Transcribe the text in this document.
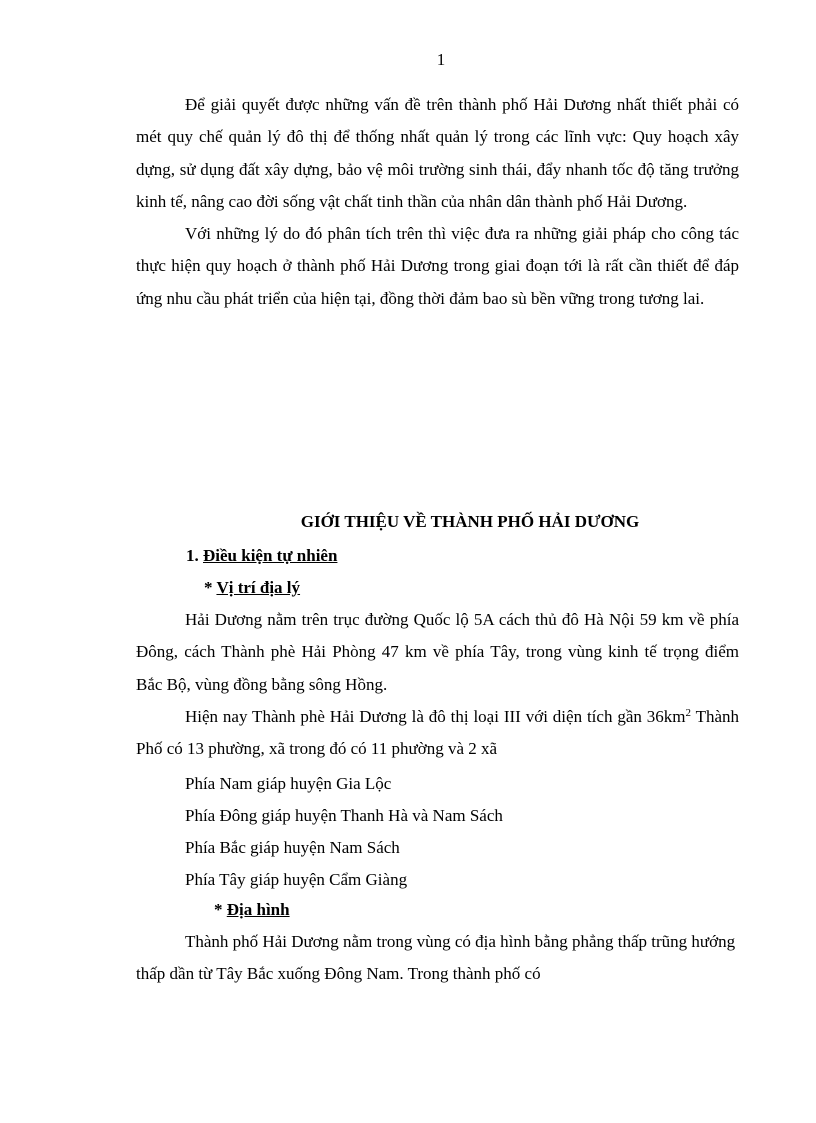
1

Để giải quyết được những vấn đề trên thành phố Hải Dương nhất thiết phải có mét quy chế quản lý đô thị để thống nhất quản lý trong các lĩnh vực: Quy hoạch xây dựng, sử dụng đất xây dựng, bảo vệ môi trường sinh thái, đẩy nhanh tốc độ tăng trưởng kinh tế, nâng cao đời sống vật chất tinh thần của nhân dân thành phố Hải Dương.

Với những lý do đó phân tích trên thì việc đưa ra những giải pháp cho công tác thực hiện quy hoạch ở thành phố Hải Dương trong giai đoạn tới là rất cần thiết để đáp ứng nhu cầu phát triển của hiện tại, đồng thời đảm bao sù bền vững trong tương lai.

GIỚI THIỆU VỀ THÀNH PHỐ HẢI DƯƠNG
1. Điều kiện tự nhiên
* Vị trí địa lý

Hải Dương nằm trên trục đường Quốc lộ 5A cách thủ đô Hà Nội 59 km về phía Đông, cách Thành phè Hải Phòng 47 km về phía Tây, trong vùng kinh tế trọng điểm Bắc Bộ, vùng đồng bằng sông Hồng.

Hiện nay Thành phè Hải Dương là đô thị loại III với diện tích gần $36km^2$ Thành Phố có 13 phường, xã trong đó có 11 phường và 2 xã

Phía Nam giáp huyện Gia Lộc
Phía Đông giáp huyện Thanh Hà và Nam Sách
Phía Bắc giáp huyện Nam Sách
Phía Tây giáp huyện Cẩm Giàng
* Địa hình

Thành phố Hải Dương nằm trong vùng có địa hình bằng phẳng thấp trũng hướng thấp dần từ Tây Bắc xuống Đông Nam. Trong thành phố có
